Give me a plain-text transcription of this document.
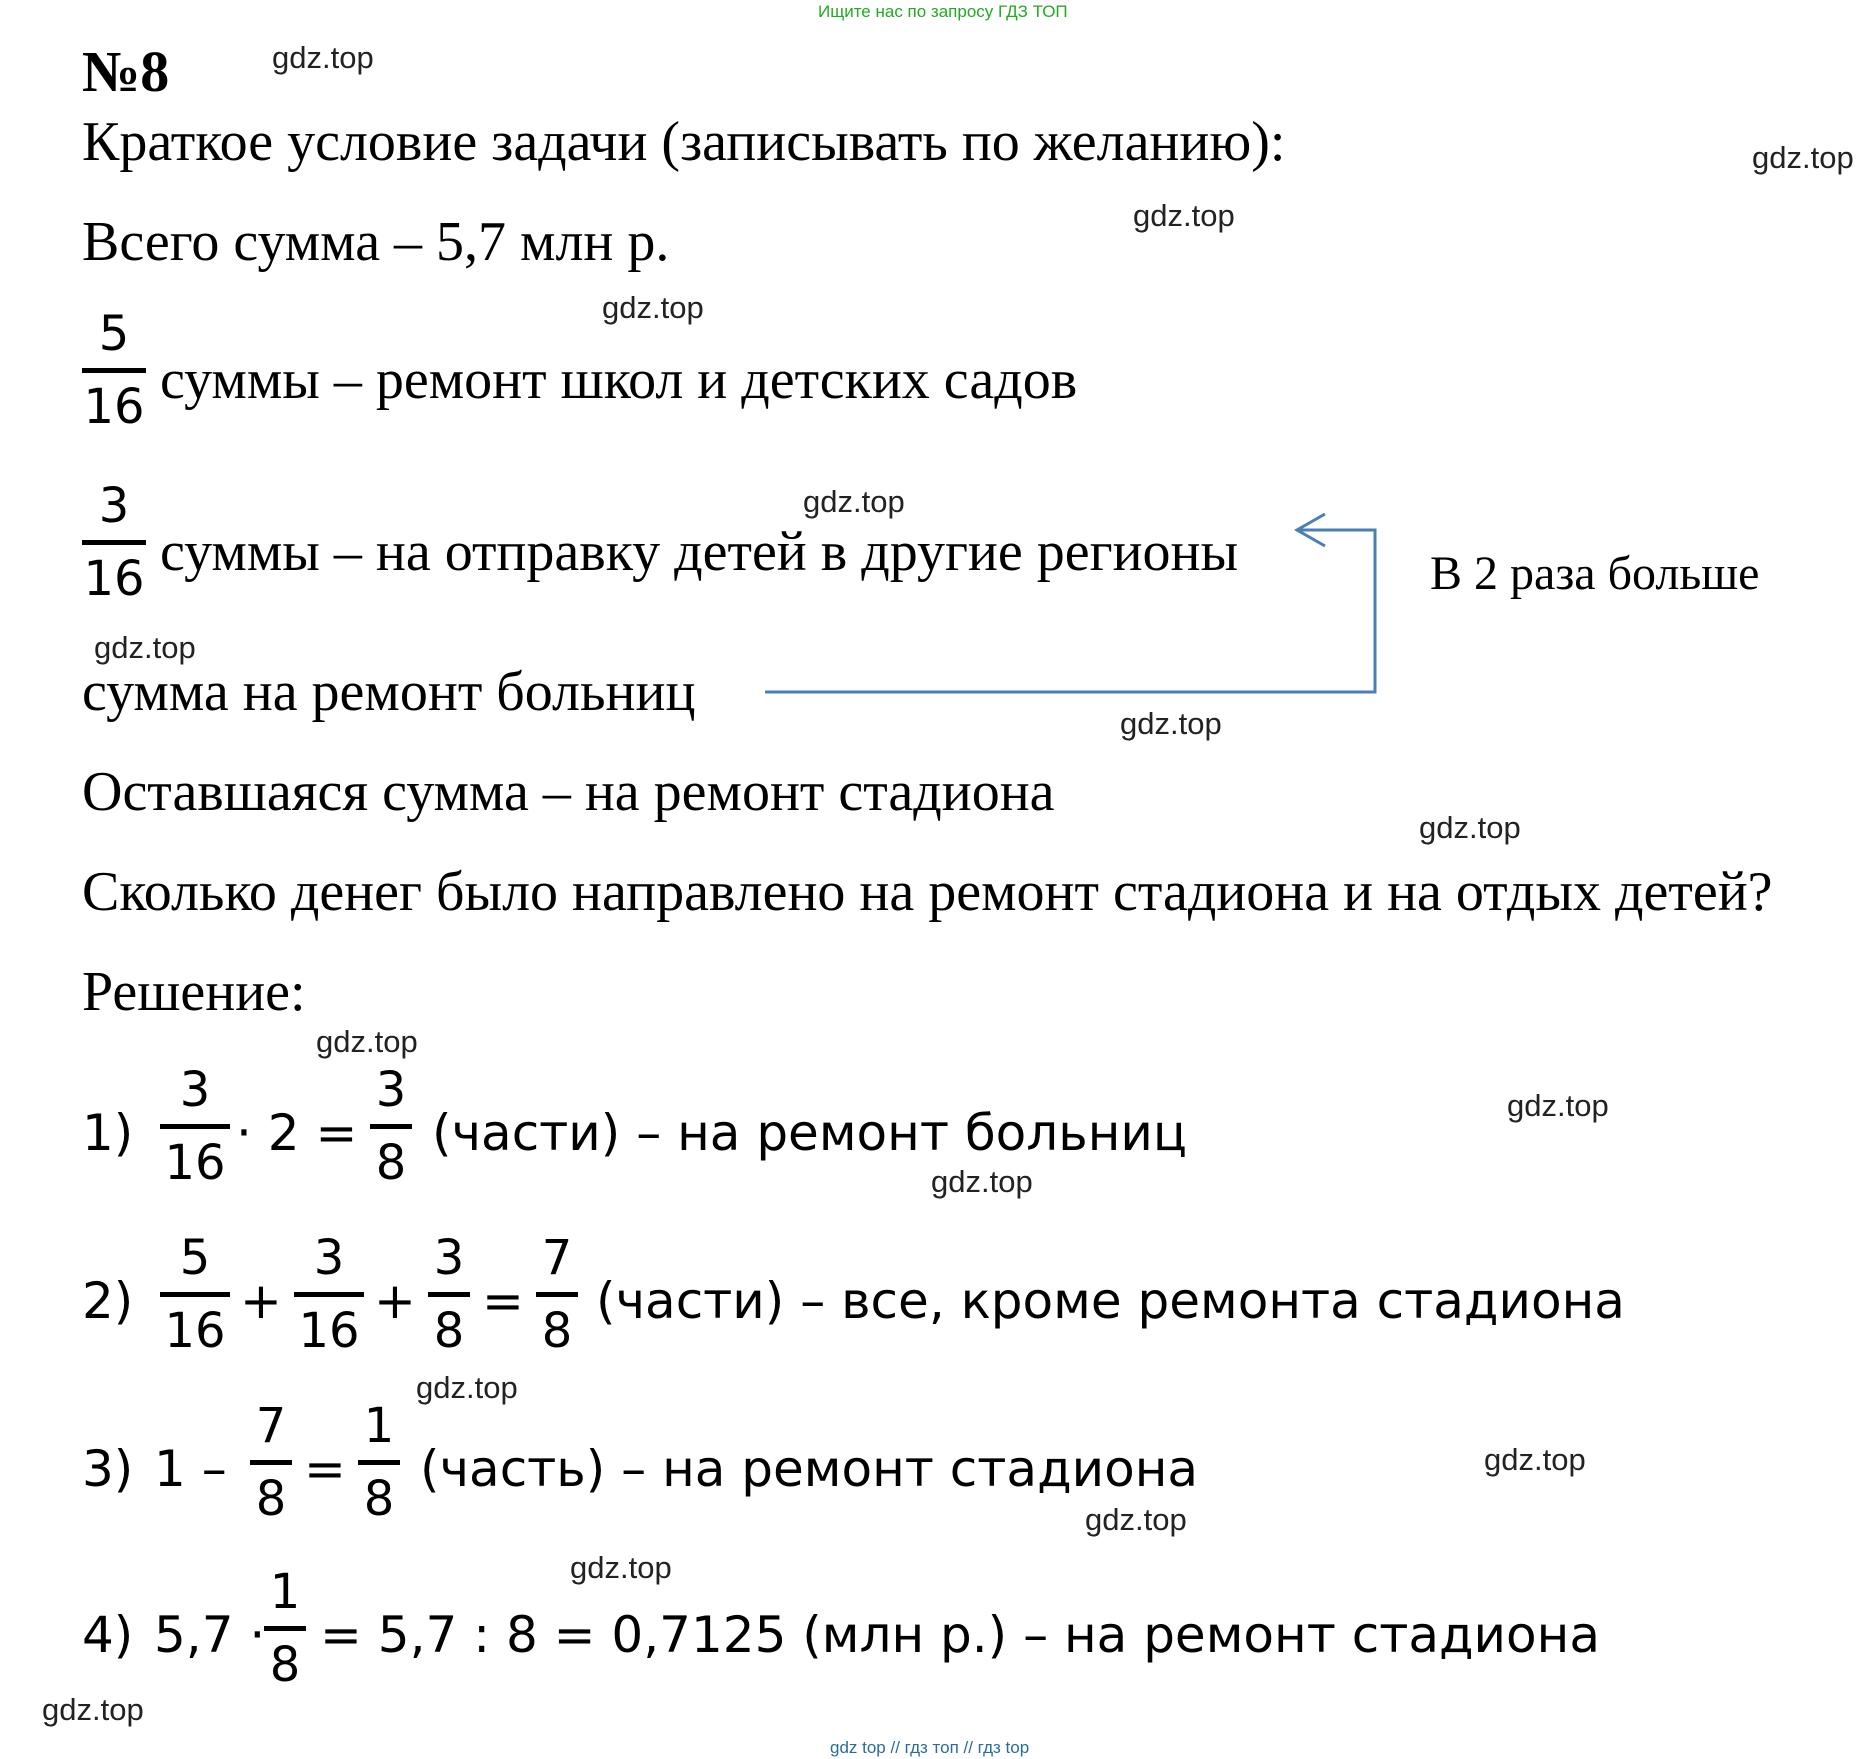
Ищите нас по запросу ГДЗ ТОП
gdz top // гдз топ // гдз top
gdz.top
gdz.top
gdz.top
gdz.top
gdz.top
gdz.top
gdz.top
gdz.top
gdz.top
gdz.top
gdz.top
gdz.top
gdz.top
gdz.top
gdz.top
gdz.top
№8
Краткое условие задачи (записывать по желанию):
Всего сумма – 5,7 млн р.
5
16 суммы – ремонт школ и детских садов
3
16 суммы – на отправку детей в другие регионы	В 2 раза больше
сумма на ремонт больниц
Оставшаяся сумма – на ремонт стадиона
Сколько денег было направлено на ремонт стадиона и на отдых детей?
Решение:
1)
3
16
· 2 =
3
8
(части) – на ремонт больниц
2)
5
16
+
3
16
+
3
8
=
7
8
(части) – все, кроме ремонта стадиона
3) 1 –
7
8
=
1
8
(часть) – на ремонт стадиона
4) 5,7 ·
1
8
= 5,7 : 8 = 0,7125 (млн р.) – на ремонт стадиона
